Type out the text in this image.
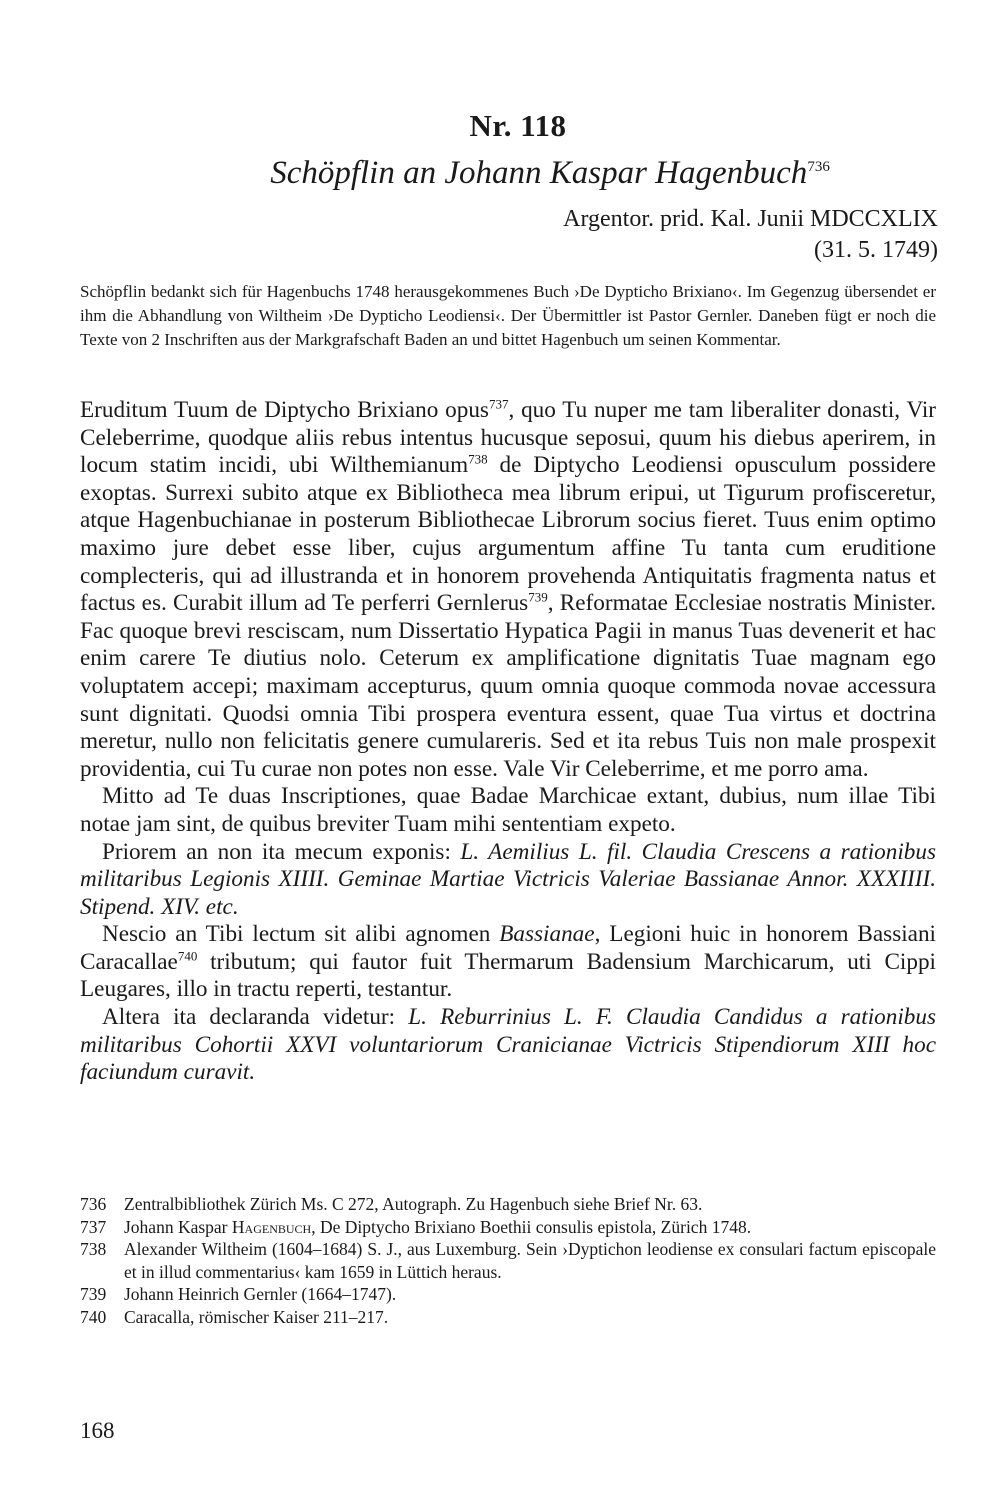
Nr. 118
Schöpflin an Johann Kaspar Hagenbuch$^{736}$
Argentor. prid. Kal. Junii MDCCXLIX
(31. 5. 1749)
Schöpflin bedankt sich für Hagenbuchs 1748 herausgekommenes Buch ›De Dypticho Brixiano‹. Im Gegenzug übersendet er ihm die Abhandlung von Wiltheim ›De Dypticho Leodiensi‹. Der Übermittler ist Pastor Gernler. Daneben fügt er noch die Texte von 2 Inschriften aus der Markgrafschaft Baden an und bittet Hagenbuch um seinen Kommentar.

Eruditum Tuum de Diptycho Brixiano opus$^{737}$, quo Tu nuper me tam liberaliter donasti, Vir Celeberrime, quodque aliis rebus intentus hucusque seposui, quum his diebus aperirem, in locum statim incidi, ubi Wilthemianum$^{738}$ de Diptycho Leodiensi opusculum possidere exoptas. Surrexi subito atque ex Bibliotheca mea librum eripui, ut Tigurum profisceretur, atque Hagenbuchianae in posterum Bibliothecae Librorum socius fieret. Tuus enim optimo maximo jure debet esse liber, cujus argumentum affine Tu tanta cum eruditione complecteris, qui ad illustranda et in honorem provehenda Antiquitatis fragmenta natus et factus es. Curabit illum ad Te perferri Gernlerus$^{739}$, Reformatae Ecclesiae nostratis Minister. Fac quoque brevi resciscam, num Dissertatio Hypatica Pagii in manus Tuas devenerit et hac enim carere Te diutius nolo. Ceterum ex amplificatione dignitatis Tuae magnam ego voluptatem accepi; maximam accepturus, quum omnia quoque commoda novae accessura sunt dignitati. Quodsi omnia Tibi prospera eventura essent, quae Tua virtus et doctrina meretur, nullo non felicitatis genere cumulareris. Sed et ita rebus Tuis non male prospexit providentia, cui Tu curae non potes non esse. Vale Vir Celeberrime, et me porro ama.

Mitto ad Te duas Inscriptiones, quae Badae Marchicae extant, dubius, num illae Tibi notae jam sint, de quibus breviter Tuam mihi sententiam expeto.

Priorem an non ita mecum exponis: L. Aemilius L. fil. Claudia Crescens a rationibus militaribus Legionis XIIII. Geminae Martiae Victricis Valeriae Bassianae Annor. XXXIIII. Stipend. XIV. etc.

Nescio an Tibi lectum sit alibi agnomen Bassianae, Legioni huic in honorem Bassiani Caracallae$^{740}$ tributum; qui fautor fuit Thermarum Badensium Marchicarum, uti Cippi Leugares, illo in tractu reperti, testantur.

Altera ita declaranda videtur: L. Reburrinius L. F. Claudia Candidus a rationibus militaribus Cohortii XXVI voluntariorum Cranicianae Victricis Stipendiorum XIII hoc faciundum curavit.

736	Zentralbibliothek Zürich Ms. C 272, Autograph. Zu Hagenbuch siehe Brief Nr. 63.
737	Johann Kaspar Hagenbuch, De Diptycho Brixiano Boethii consulis epistola, Zürich 1748.
738	Alexander Wiltheim (1604–1684) S. J., aus Luxemburg. Sein ›Dyptichon leodiense ex consulari factum episcopale et in illud commentarius‹ kam 1659 in Lüttich heraus.
739	Johann Heinrich Gernler (1664–1747).
740	Caracalla, römischer Kaiser 211–217.
168
